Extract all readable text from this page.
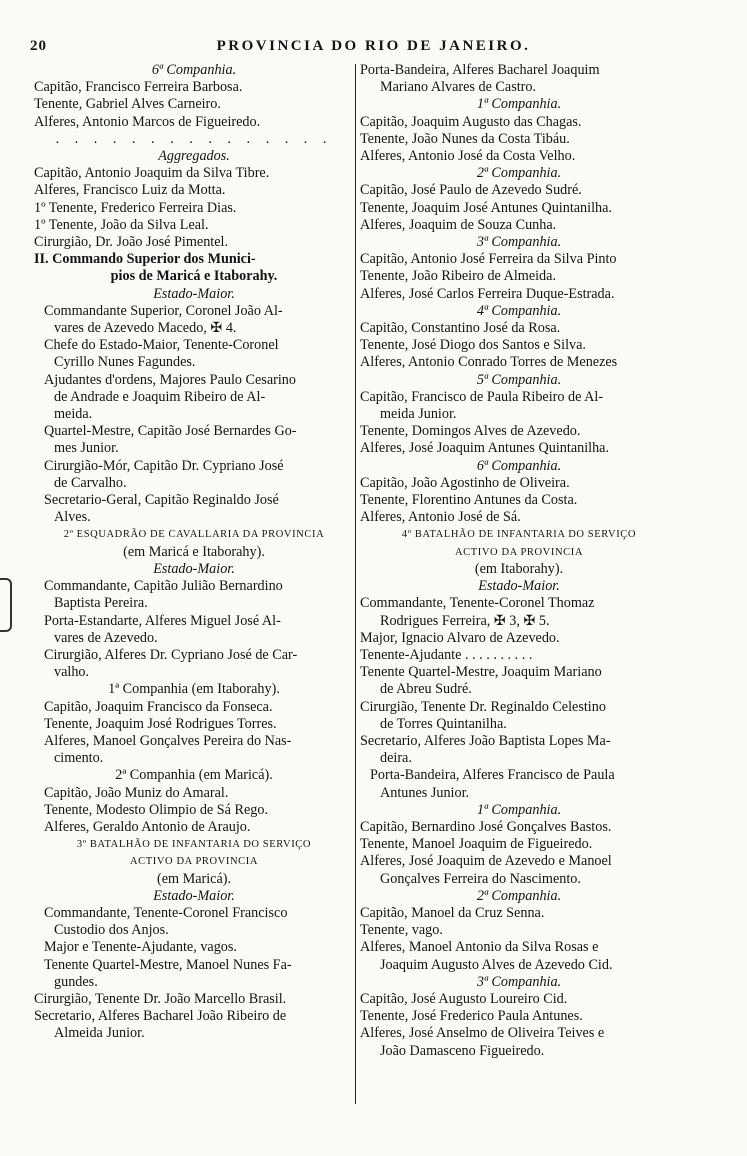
20	PROVINCIA DO RIO DE JANEIRO.
6ª Companhia.
Capitão, Francisco Ferreira Barbosa.
Tenente, Gabriel Alves Carneiro.
Alferes, Antonio Marcos de Figueiredo.
. . . . . . . . . . . . . . .
Aggregados.
Capitão, Antonio Joaquim da Silva Tibre.
Alferes, Francisco Luiz da Motta.
1º Tenente, Frederico Ferreira Dias.
1º Tenente, João da Silva Leal.
Cirurgião, Dr. João José Pimentel.
II. Commando Superior dos Munici-
pios de Maricá e Itaborahy.
Estado-Maior.
Commandante Superior, Coronel João Al-
vares de Azevedo Macedo, ✠ 4.
Chefe do Estado-Maior, Tenente-Coronel
Cyrillo Nunes Fagundes.
Ajudantes d'ordens, Majores Paulo Cesarino
de Andrade e Joaquim Ribeiro de Al-
meida.
Quartel-Mestre, Capitão José Bernardes Go-
mes Junior.
Cirurgião-Mór, Capitão Dr. Cypriano José
de Carvalho.
Secretario-Geral, Capitão Reginaldo José
Alves.
2º ESQUADRÃO DE CAVALLARIA DA PROVINCIA
(em Maricá e Itaborahy).
Estado-Maior.
Commandante, Capitão Julião Bernardino
Baptista Pereira.
Porta-Estandarte, Alferes Miguel José Al-
vares de Azevedo.
Cirurgião, Alferes Dr. Cypriano José de Car-
valho.
1ª Companhia (em Itaborahy).
Capitão, Joaquim Francisco da Fonseca.
Tenente, Joaquim José Rodrigues Torres.
Alferes, Manoel Gonçalves Pereira do Nas-
cimento.
2ª Companhia (em Maricá).
Capitão, João Muniz do Amaral.
Tenente, Modesto Olimpio de Sá Rego.
Alferes, Geraldo Antonio de Araujo.
3º BATALHÃO DE INFANTARIA DO SERVIÇO
ACTIVO DA PROVINCIA
(em Maricá).
Estado-Maior.
Commandante, Tenente-Coronel Francisco
Custodio dos Anjos.
Major e Tenente-Ajudante, vagos.
Tenente Quartel-Mestre, Manoel Nunes Fa-
gundes.
Cirurgião, Tenente Dr. João Marcello Brasil.
Secretario, Alferes Bacharel João Ribeiro de
Almeida Junior.
Porta-Bandeira, Alferes Bacharel Joaquim
Mariano Alvares de Castro.
1ª Companhia.
Capitão, Joaquim Augusto das Chagas.
Tenente, João Nunes da Costa Tibáu.
Alferes, Antonio José da Costa Velho.
2ª Companhia.
Capitão, José Paulo de Azevedo Sudré.
Tenente, Joaquim José Antunes Quintanilha.
Alferes, Joaquim de Souza Cunha.
3ª Companhia.
Capitão, Antonio José Ferreira da Silva Pinto
Tenente, João Ribeiro de Almeida.
Alferes, José Carlos Ferreira Duque-Estrada.
4ª Companhia.
Capitão, Constantino José da Rosa.
Tenente, José Diogo dos Santos e Silva.
Alferes, Antonio Conrado Torres de Menezes
5ª Companhia.
Capitão, Francisco de Paula Ribeiro de Al-
meida Junior.
Tenente, Domingos Alves de Azevedo.
Alferes, José Joaquim Antunes Quintanilha.
6ª Companhia.
Capitão, João Agostinho de Oliveira.
Tenente, Florentino Antunes da Costa.
Alferes, Antonio José de Sá.
4º BATALHÃO DE INFANTARIA DO SERVIÇO
ACTIVO DA PROVINCIA
(em Itaborahy).
Estado-Maior.
Commandante, Tenente-Coronel Thomaz
Rodrigues Ferreira, ✠ 3, ✠ 5.
Major, Ignacio Alvaro de Azevedo.
Tenente-Ajudante . . . . . . . . . .
Tenente Quartel-Mestre, Joaquim Mariano
de Abreu Sudré.
Cirurgião, Tenente Dr. Reginaldo Celestino
de Torres Quintanilha.
Secretario, Alferes João Baptista Lopes Ma-
deira.
Porta-Bandeira, Alferes Francisco de Paula
Antunes Junior.
1ª Companhia.
Capitão, Bernardino José Gonçalves Bastos.
Tenente, Manoel Joaquim de Figueiredo.
Alferes, José Joaquim de Azevedo e Manoel
Gonçalves Ferreira do Nascimento.
2ª Companhia.
Capitão, Manoel da Cruz Senna.
Tenente, vago.
Alferes, Manoel Antonio da Silva Rosas e
Joaquim Augusto Alves de Azevedo Cid.
3ª Companhia.
Capitão, José Augusto Loureiro Cid.
Tenente, José Frederico Paula Antunes.
Alferes, José Anselmo de Oliveira Teives e
João Damasceno Figueiredo.
